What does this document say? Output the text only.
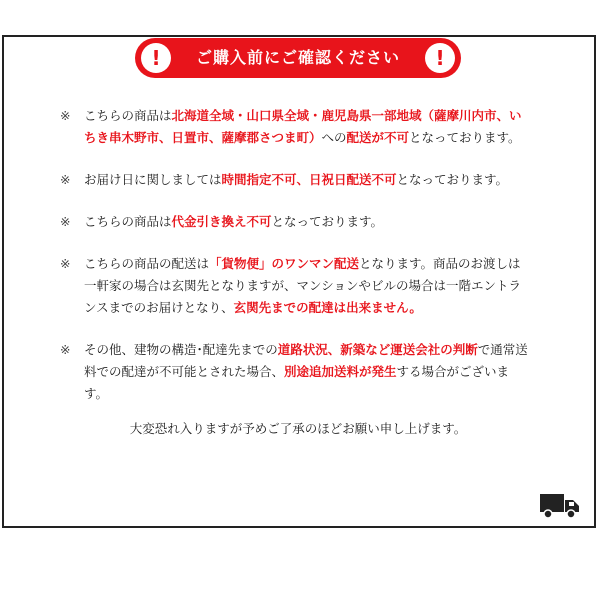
!	ご購入前にご確認ください	!
※ こちらの商品は北海道全域・山口県全域・鹿児島県一部地域（薩摩川内市、いちき串木野市、日置市、薩摩郡さつま町）への配送が不可となっております。
※ お届け日に関しましては時間指定不可、日祝日配送不可となっております。
※ こちらの商品は代金引き換え不可となっております。
※ こちらの商品の配送は「貨物便」のワンマン配送となります。商品のお渡しは一軒家の場合は玄関先となりますが、マンションやビルの場合は一階エントランスまでのお届けとなり、玄関先までの配達は出来ません。
※ その他、建物の構造･配達先までの道路状況、新築など運送会社の判断で通常送料での配達が不可能とされた場合、別途追加送料が発生する場合がございます。
大変恐れ入りますが予めご了承のほどお願い申し上げます。
